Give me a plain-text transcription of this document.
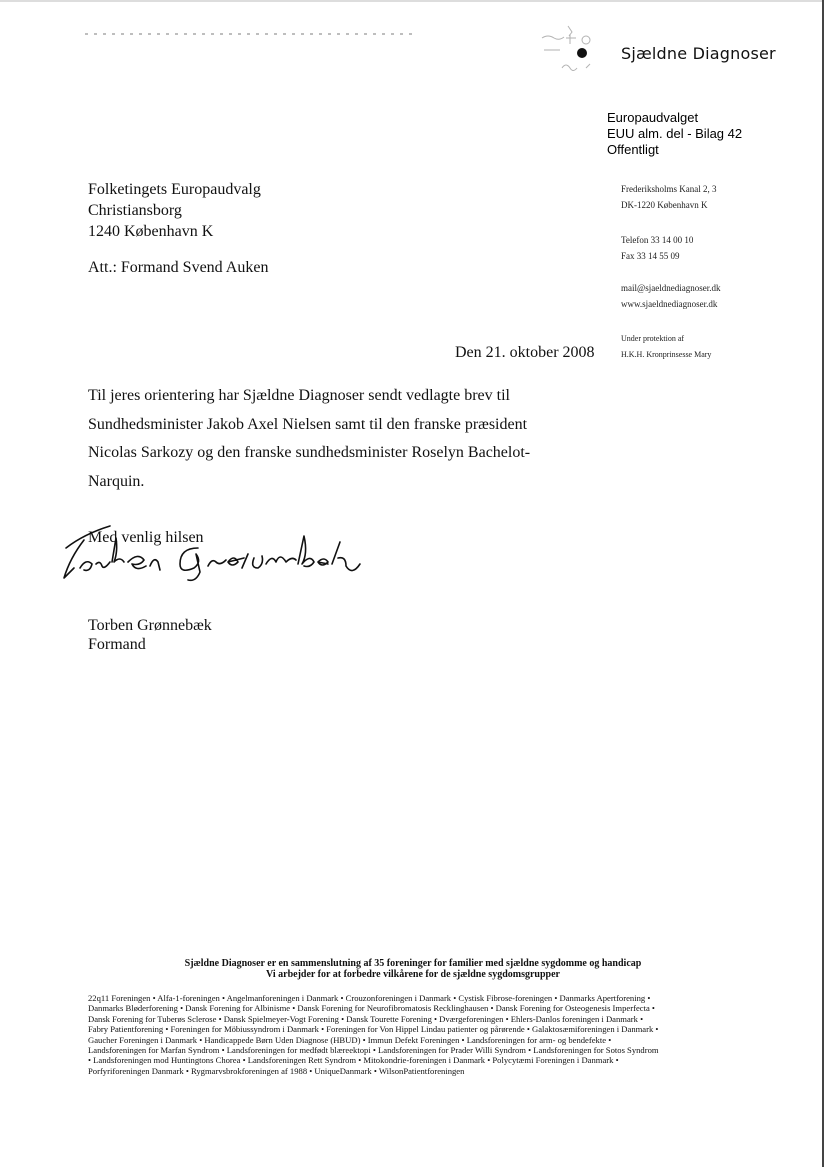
Sjældne Diagnoser
Europaudvalget
EUU alm. del - Bilag 42
Offentligt
Folketingets Europaudvalg
Christiansborg
1240 København K
Att.: Formand Svend Auken
Frederiksholms Kanal 2, 3
DK-1220 København K
Telefon 33 14 00 10
Fax 33 14 55 09
mail@sjaeldnediagnoser.dk
www.sjaeldnediagnoser.dk
Under protektion af
H.K.H. Kronprinsesse Mary
Den 21. oktober 2008
Til jeres orientering har Sjældne Diagnoser sendt vedlagte brev til
Sundhedsminister Jakob Axel Nielsen samt til den franske præsident
Nicolas Sarkozy og den franske sundhedsminister Roselyn Bachelot-
Narquin.
Med venlig hilsen
Torben Grønnebæk
Formand
Sjældne Diagnoser er en sammenslutning af 35 foreninger for familier med sjældne sygdomme og handicap
Vi arbejder for at forbedre vilkårene for de sjældne sygdomsgrupper
22q11 Foreningen • Alfa-1-foreningen • Angelmanforeningen i Danmark • Crouzonforeningen i Danmark • Cystisk Fibrose-foreningen • Danmarks Apertforening •
Danmarks Bløderforening • Dansk Forening for Albinisme • Dansk Forening for Neurofibromatosis Recklinghausen • Dansk Forening for Osteogenesis Imperfecta •
Dansk Forening for Tuberøs Sclerose • Dansk Spielmeyer-Vogt Forening • Dansk Tourette Forening • Dværgeforeningen • Ehlers-Danlos foreningen i Danmark •
Fabry Patientforening • Foreningen for Möbiussyndrom i Danmark • Foreningen for Von Hippel Lindau patienter og pårørende • Galaktosæmiforeningen i Danmark •
Gaucher Foreningen i Danmark • Handicappede Børn Uden Diagnose (HBUD) • Immun Defekt Foreningen • Landsforeningen for arm- og bendefekte •
Landsforeningen for Marfan Syndrom • Landsforeningen for medfødt blæreektopi • Landsforeningen for Prader Willi Syndrom • Landsforeningen for Sotos Syndrom
• Landsforeningen mod Huntingtons Chorea • Landsforeningen Rett Syndrom • Mitokondrie-foreningen i Danmark • Polycytæmi Foreningen i Danmark •
Porfyriforeningen Danmark • Rygmarvsbrokforeningen af 1988 • UniqueDanmark • WilsonPatientforeningen
